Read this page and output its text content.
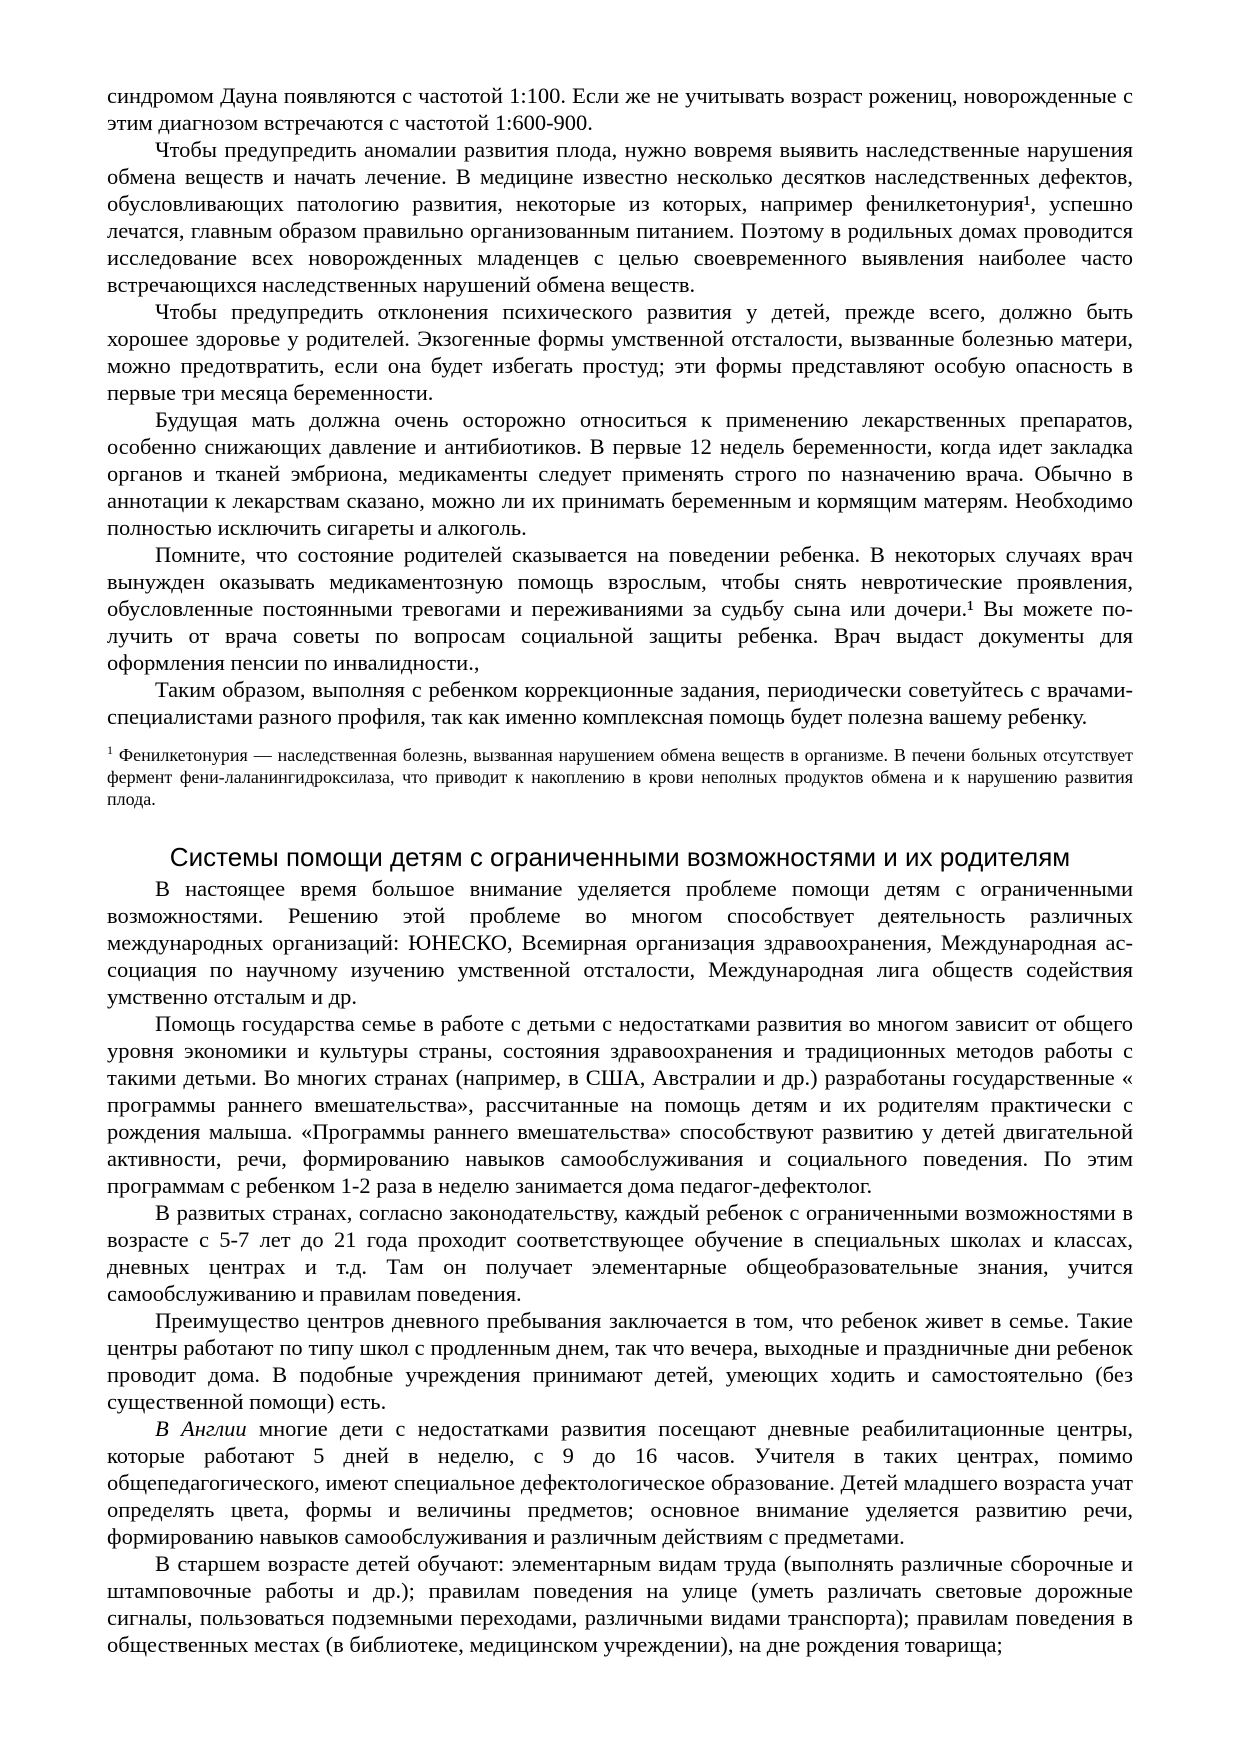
синдромом Дауна появляются с частотой 1:100. Если же не учитывать возраст рожениц, новорожденные с этим диагнозом встречаются с частотой 1:600-900.

Чтобы предупредить аномалии развития плода, нужно вовремя выявить наследственные нарушения обмена веществ и начать лечение. В медицине известно несколько десятков наследственных дефектов, обусловливающих патологию развития, некоторые из которых, например фенилкетонурия¹, успешно лечатся, главным образом правильно организованным питанием. Поэтому в родильных домах проводится исследование всех новорожденных младенцев с целью своевременного выявления наиболее часто встречающихся наследственных нарушений обмена веществ.

Чтобы предупредить отклонения психического развития у детей, прежде всего, должно быть хорошее здоровье у родителей. Экзогенные формы умственной отсталости, вызванные болезнью матери, можно предотвратить, если она будет избегать простуд; эти формы представляют особую опасность в первые три месяца беременности.

Будущая мать должна очень осторожно относиться к применению лекарственных препаратов, особенно снижающих давление и антибиотиков. В первые 12 недель беременности, когда идет закладка органов и тканей эмбриона, медикаменты следует применять строго по назначению врача. Обычно в аннотации к лекарствам сказано, можно ли их принимать беременным и кормящим матерям. Необходимо полностью исключить сигареты и алкоголь.

Помните, что состояние родителей сказывается на поведении ребенка. В некоторых случаях врач вынужден оказывать медикаментозную помощь взрослым, чтобы снять невротические проявления, обусловленные постоянными тревогами и переживаниями за судьбу сына или дочери.¹ Вы можете по-лучить от врача советы по вопросам социальной защиты ребенка. Врач выдаст документы для оформления пенсии по инвалидности.,

Таким образом, выполняя с ребенком коррекционные задания, периодически советуйтесь с врачами-специалистами разного профиля, так как именно комплексная помощь будет полезна вашему ребенку.

$^1$ Фенилкетонурия — наследственная болезнь, вызванная нарушением обмена веществ в организме. В печени больных отсутствует фермент фени-лаланингидроксилаза, что приводит к накоплению в крови неполных продуктов обмена и к нарушению развития плода.

Системы помощи детям с ограниченными возможностями и их родителям

В настоящее время большое внимание уделяется проблеме помощи детям с ограниченными возможностями. Решению этой проблеме во многом способствует деятельность различных международных организаций: ЮНЕСКО, Всемирная организация здравоохранения, Международная ас-социация по научному изучению умственной отсталости, Международная лига обществ содействия умственно отсталым и др.

Помощь государства семье в работе с детьми с недостатками развития во многом зависит от общего уровня экономики и культуры страны, состояния здравоохранения и традиционных методов работы с такими детьми. Во многих странах (например, в США, Австралии и др.) разработаны государственные « программы раннего вмешательства», рассчитанные на помощь детям и их родителям практически с рождения малыша. «Программы раннего вмешательства» способствуют развитию у детей двигательной активности, речи, формированию навыков самообслуживания и социального поведения. По этим программам с ребенком 1-2 раза в неделю занимается дома педагог-дефектолог.

В развитых странах, согласно законодательству, каждый ребенок с ограниченными возможностями в возрасте с 5-7 лет до 21 года проходит соответствующее обучение в специальных школах и классах, дневных центрах и т.д. Там он получает элементарные общеобразовательные знания, учится самообслуживанию и правилам поведения.

Преимущество центров дневного пребывания заключается в том, что ребенок живет в семье. Такие центры работают по типу школ с продленным днем, так что вечера, выходные и праздничные дни ребенок проводит дома. В подобные учреждения принимают детей, умеющих ходить и самостоятельно (без существенной помощи) есть.

В Англии многие дети с недостатками развития посещают дневные реабилитационные центры, которые работают 5 дней в неделю, с 9 до 16 часов. Учителя в таких центрах, помимо общепедагогического, имеют специальное дефектологическое образование. Детей младшего возраста учат определять цвета, формы и величины предметов; основное внимание уделяется развитию речи, формированию навыков самообслуживания и различным действиям с предметами.

В старшем возрасте детей обучают: элементарным видам труда (выполнять различные сборочные и штамповочные работы и др.); правилам поведения на улице (уметь различать световые дорожные сигналы, пользоваться подземными переходами, различными видами транспорта); правилам поведения в общественных местах (в библиотеке, медицинском учреждении), на дне рождения товарища;
